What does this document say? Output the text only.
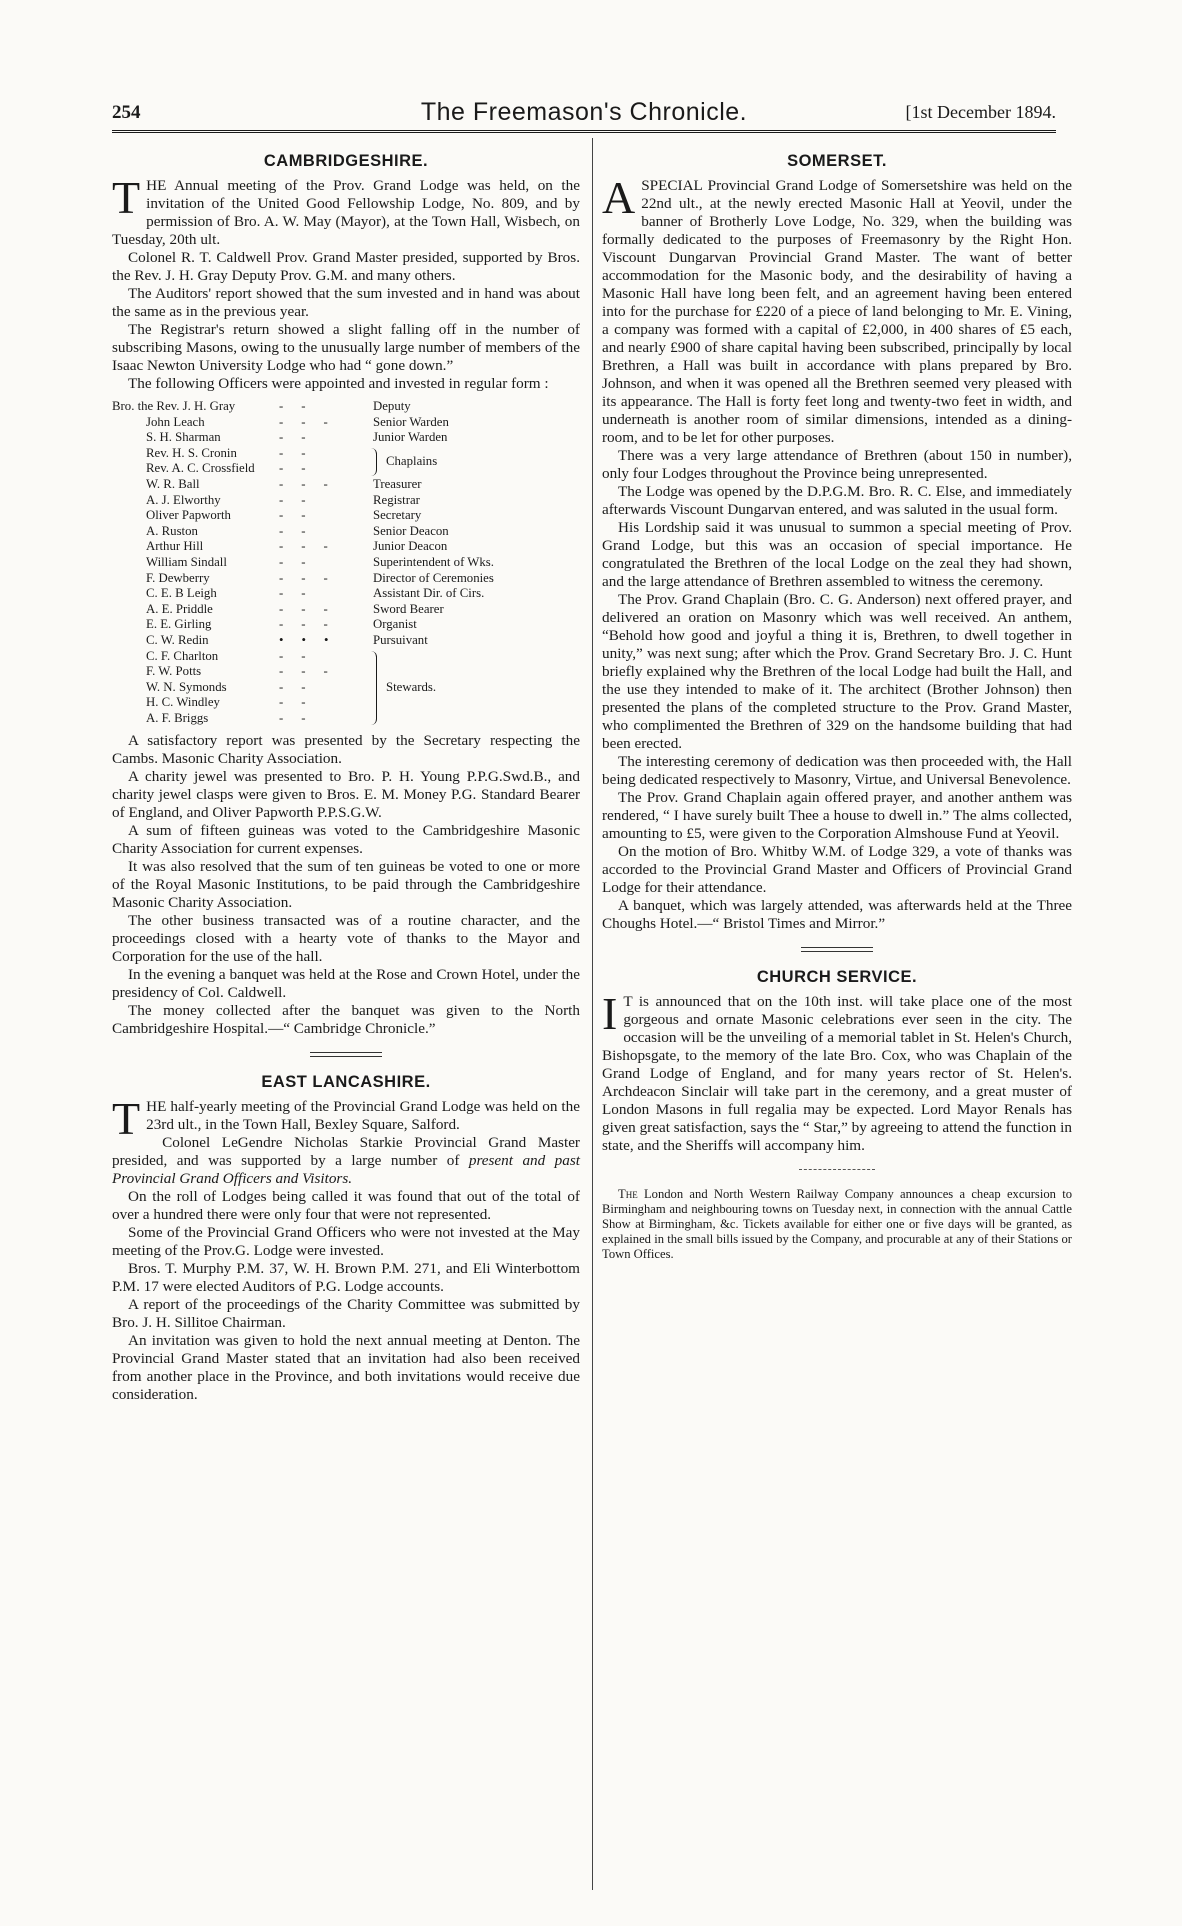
254	The Freemason's Chronicle.	[1st December 1894.
CAMBRIDGESHIRE.

THE Annual meeting of the Prov. Grand Lodge was held, on the invitation of the United Good Fellowship Lodge, No. 809, and by permission of Bro. A. W. May (Mayor), at the Town Hall, Wisbech, on Tuesday, 20th ult.

Colonel R. T. Caldwell Prov. Grand Master presided, supported by Bros. the Rev. J. H. Gray Deputy Prov. G.M. and many others.

The Auditors' report showed that the sum invested and in hand was about the same as in the previous year.

The Registrar's return showed a slight falling off in the number of subscribing Masons, owing to the unusually large number of members of the Isaac Newton University Lodge who had “ gone down.”

The following Officers were appointed and invested in regular form :

Bro. the Rev. J. H. Gray	--	Deputy
John Leach	---	Senior Warden
S. H. Sharman	--	Junior Warden
Rev. H. S. Cronin	--
Rev. A. C. Crossfield	--
Chaplains
W. R. Ball	---	Treasurer
A. J. Elworthy	--	Registrar
Oliver Papworth	--	Secretary
A. Ruston	--	Senior Deacon
Arthur Hill	---	Junior Deacon
William Sindall	--	Superintendent of Wks.
F. Dewberry	---	Director of Ceremonies
C. E. B Leigh	--	Assistant Dir. of Cirs.
A. E. Priddle	---	Sword Bearer
E. E. Girling	---	Organist
C. W. Redin	•••	Pursuivant
C. F. Charlton	--
F. W. Potts	---
W. N. Symonds	--
H. C. Windley	--
A. F. Briggs	--
Stewards.

A satisfactory report was presented by the Secretary respecting the Cambs. Masonic Charity Association.

A charity jewel was presented to Bro. P. H. Young P.P.G.Swd.B., and charity jewel clasps were given to Bros. E. M. Money P.G. Standard Bearer of England, and Oliver Papworth P.P.S.G.W.

A sum of fifteen guineas was voted to the Cambridgeshire Masonic Charity Association for current expenses.

It was also resolved that the sum of ten guineas be voted to one or more of the Royal Masonic Institutions, to be paid through the Cambridgeshire Masonic Charity Association.

The other business transacted was of a routine character, and the proceedings closed with a hearty vote of thanks to the Mayor and Corporation for the use of the hall.

In the evening a banquet was held at the Rose and Crown Hotel, under the presidency of Col. Caldwell.

The money collected after the banquet was given to the North Cambridgeshire Hospital.—“ Cambridge Chronicle.”

EAST LANCASHIRE.

THE half-yearly meeting of the Provincial Grand Lodge was held on the 23rd ult., in the Town Hall, Bexley Square, Salford.

Colonel LeGendre Nicholas Starkie Provincial Grand Master presided, and was supported by a large number of present and past Provincial Grand Officers and Visitors.

On the roll of Lodges being called it was found that out of the total of over a hundred there were only four that were not represented.

Some of the Provincial Grand Officers who were not invested at the May meeting of the Prov.G. Lodge were invested.

Bros. T. Murphy P.M. 37, W. H. Brown P.M. 271, and Eli Winterbottom P.M. 17 were elected Auditors of P.G. Lodge accounts.

A report of the proceedings of the Charity Committee was submitted by Bro. J. H. Sillitoe Chairman.

An invitation was given to hold the next annual meeting at Denton. The Provincial Grand Master stated that an invitation had also been received from another place in the Province, and both invitations would receive due consideration.

SOMERSET.

ASPECIAL Provincial Grand Lodge of Somersetshire was held on the 22nd ult., at the newly erected Masonic Hall at Yeovil, under the banner of Brotherly Love Lodge, No. 329, when the building was formally dedicated to the purposes of Freemasonry by the Right Hon. Viscount Dungarvan Provincial Grand Master. The want of better accommodation for the Masonic body, and the desirability of having a Masonic Hall have long been felt, and an agreement having been entered into for the purchase for £220 of a piece of land belonging to Mr. E. Vining, a company was formed with a capital of £2,000, in 400 shares of £5 each, and nearly £900 of share capital having been subscribed, principally by local Brethren, a Hall was built in accordance with plans prepared by Bro. Johnson, and when it was opened all the Brethren seemed very pleased with its appearance. The Hall is forty feet long and twenty-two feet in width, and underneath is another room of similar dimensions, intended as a dining-room, and to be let for other purposes.

There was a very large attendance of Brethren (about 150 in number), only four Lodges throughout the Province being unrepresented.

The Lodge was opened by the D.P.G.M. Bro. R. C. Else, and immediately afterwards Viscount Dungarvan entered, and was saluted in the usual form.

His Lordship said it was unusual to summon a special meeting of Prov. Grand Lodge, but this was an occasion of special importance. He congratulated the Brethren of the local Lodge on the zeal they had shown, and the large attendance of Brethren assembled to witness the ceremony.

The Prov. Grand Chaplain (Bro. C. G. Anderson) next offered prayer, and delivered an oration on Masonry which was well received. An anthem, “Behold how good and joyful a thing it is, Brethren, to dwell together in unity,” was next sung; after which the Prov. Grand Secretary Bro. J. C. Hunt briefly explained why the Brethren of the local Lodge had built the Hall, and the use they intended to make of it. The architect (Brother Johnson) then presented the plans of the completed structure to the Prov. Grand Master, who complimented the Brethren of 329 on the handsome building that had been erected.

The interesting ceremony of dedication was then proceeded with, the Hall being dedicated respectively to Masonry, Virtue, and Universal Benevolence.

The Prov. Grand Chaplain again offered prayer, and another anthem was rendered, “ I have surely built Thee a house to dwell in.” The alms collected, amounting to £5, were given to the Corporation Almshouse Fund at Yeovil.

On the motion of Bro. Whitby W.M. of Lodge 329, a vote of thanks was accorded to the Provincial Grand Master and Officers of Provincial Grand Lodge for their attendance.

A banquet, which was largely attended, was afterwards held at the Three Choughs Hotel.—“ Bristol Times and Mirror.”

CHURCH SERVICE.

I T is announced that on the 10th inst. will take place one of the most gorgeous and ornate Masonic celebrations ever seen in the city. The occasion will be the unveiling of a memorial tablet in St. Helen's Church, Bishopsgate, to the memory of the late Bro. Cox, who was Chaplain of the Grand Lodge of England, and for many years rector of St. Helen's. Archdeacon Sinclair will take part in the ceremony, and a great muster of London Masons in full regalia may be expected. Lord Mayor Renals has given great satisfaction, says the “ Star,” by agreeing to attend the function in state, and the Sheriffs will accompany him.

The London and North Western Railway Company announces a cheap excursion to Birmingham and neighbouring towns on Tuesday next, in connection with the annual Cattle Show at Birmingham, &c. Tickets available for either one or five days will be granted, as explained in the small bills issued by the Company, and procurable at any of their Stations or Town Offices.
